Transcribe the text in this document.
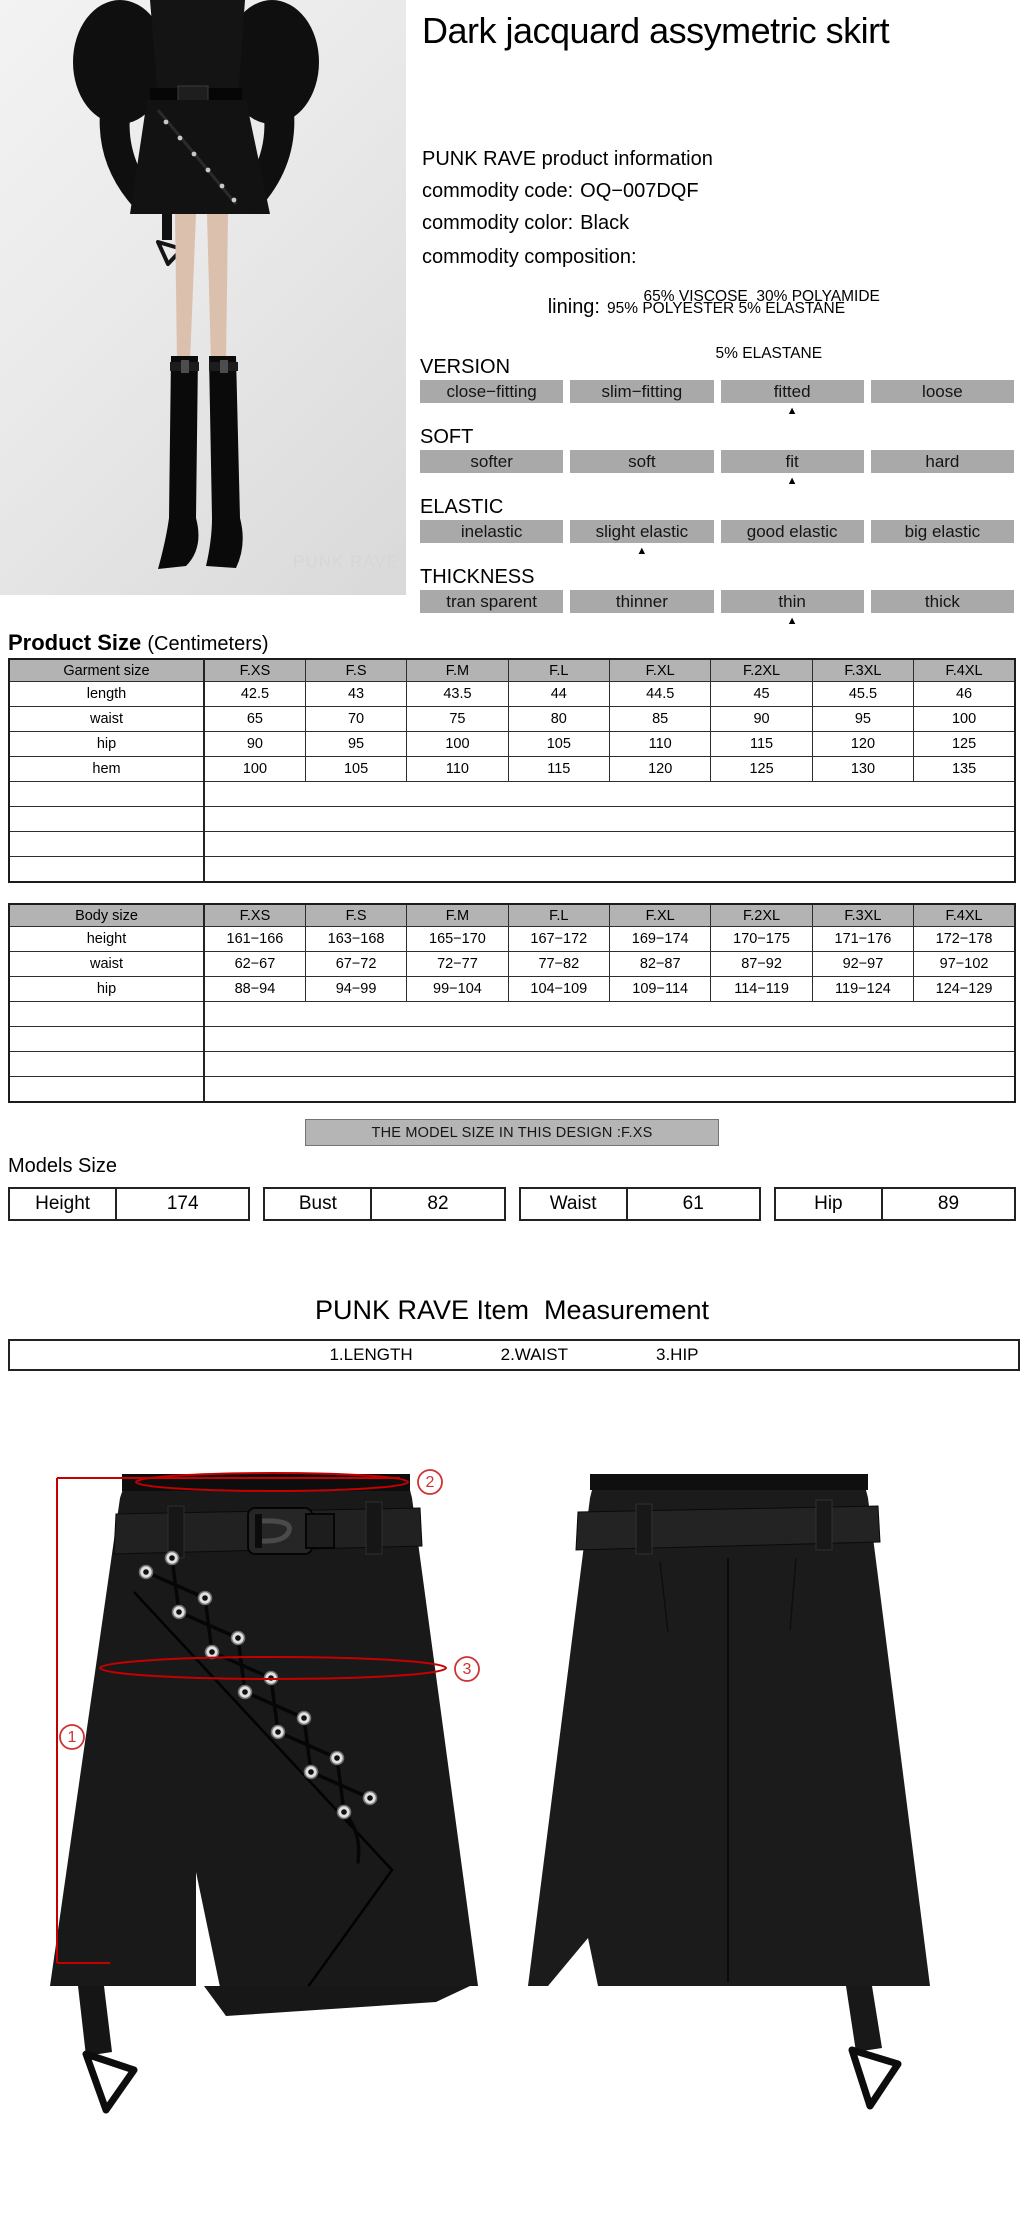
PUNK RAVE
Dark jacquard assymetric skirt
PUNK RAVE product information
commodity code: OQ−007DQF
commodity color: Black
commodity composition:

65% VISCOSE  30% POLYAMIDE

5% ELASTANE

lining: 95% POLYESTER 5% ELASTANE
VERSION
close−fitting	slim−fitting	fitted	loose
▲
SOFT
softer	soft	fit	hard
▲
ELASTIC
inelastic	slight elastic	good elastic	big elastic
▲
THICKNESS
tran sparent	thinner	thin	thick
▲
Product Size (Centimeters)
Garment size	F.XS	F.S	F.M	F.L	F.XL	F.2XL	F.3XL	F.4XL
length	42.5	43	43.5	44	44.5	45	45.5	46
waist	65	70	75	80	85	90	95	100
hip	90	95	100	105	110	115	120	125
hem	100	105	110	115	120	125	130	135

Body size	F.XS	F.S	F.M	F.L	F.XL	F.2XL	F.3XL	F.4XL
height	161−166	163−168	165−170	167−172	169−174	170−175	171−176	172−178
waist	62−67	67−72	72−77	77−82	82−87	87−92	92−97	97−102
hip	88−94	94−99	99−104	104−109	109−114	114−119	119−124	124−129

THE MODEL SIZE IN THIS DESIGN :F.XS
Models Size
Height	174	Bust	82	Waist	61	Hip	89
PUNK RAVE Item  Measurement
1.LENGTH	2.WAIST	3.HIP
1
2
3
